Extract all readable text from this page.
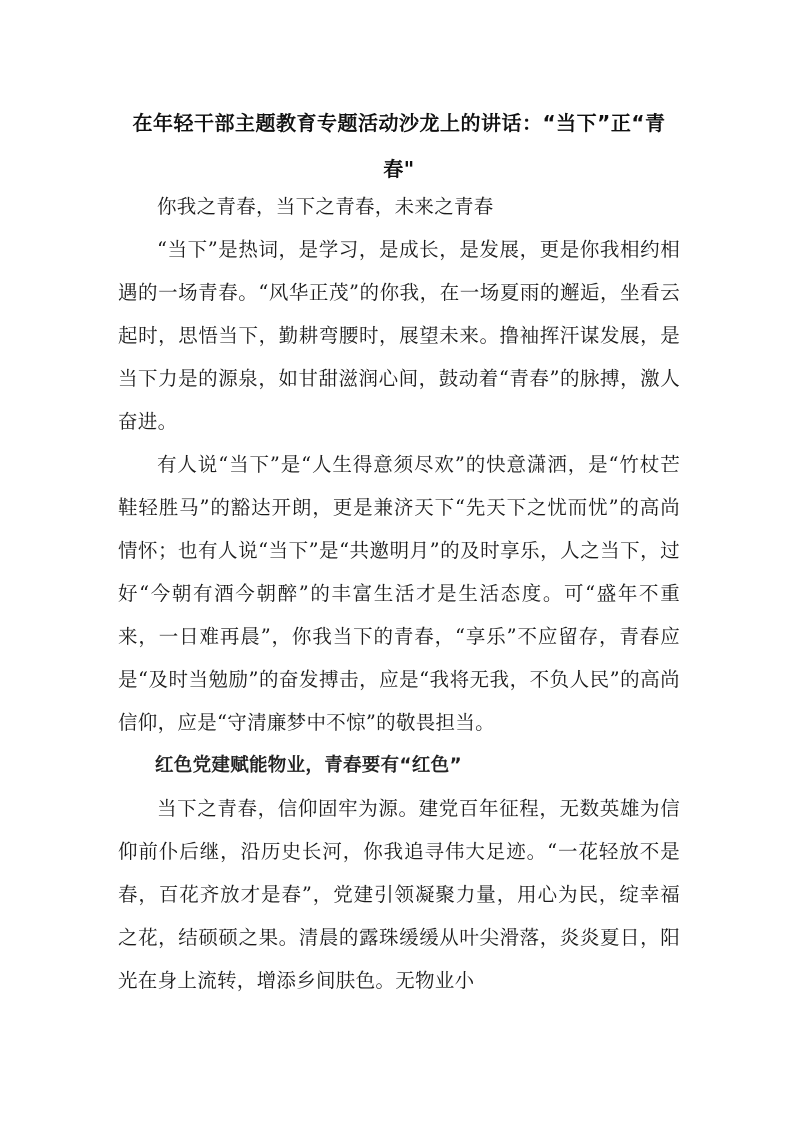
在年轻干部主题教育专题活动沙龙上的讲话：“当下”正“青春"

你我之青春，当下之青春，未来之青春

“当下”是热词，是学习，是成长，是发展，更是你我相约相遇的一场青春。“风华正茂”的你我，在一场夏雨的邂逅，坐看云起时，思悟当下，勤耕弯腰时，展望未来。撸袖挥汗谋发展，是当下力是的源泉，如甘甜滋润心间，鼓动着“青春”的脉搏，激人奋进。

有人说“当下”是“人生得意须尽欢”的快意潇洒，是“竹杖芒鞋轻胜马”的豁达开朗，更是兼济天下“先天下之忧而忧”的高尚情怀；也有人说“当下”是“共邀明月”的及时享乐，人之当下，过好“今朝有酒今朝醉”的丰富生活才是生活态度。可“盛年不重来，一日难再晨”，你我当下的青春，“享乐”不应留存，青春应是“及时当勉励”的奋发搏击，应是“我将无我，不负人民”的高尚信仰，应是“守清廉梦中不惊”的敬畏担当。

红色党建赋能物业，青春要有“红色”

当下之青春，信仰固牢为源。建党百年征程，无数英雄为信仰前仆后继，沿历史长河，你我追寻伟大足迹。“一花轻放不是春，百花齐放才是春”，党建引领凝聚力量，用心为民，绽幸福之花，结硕硕之果。清晨的露珠缓缓从叶尖滑落，炎炎夏日，阳光在身上流转，增添乡间肤色。无物业小
